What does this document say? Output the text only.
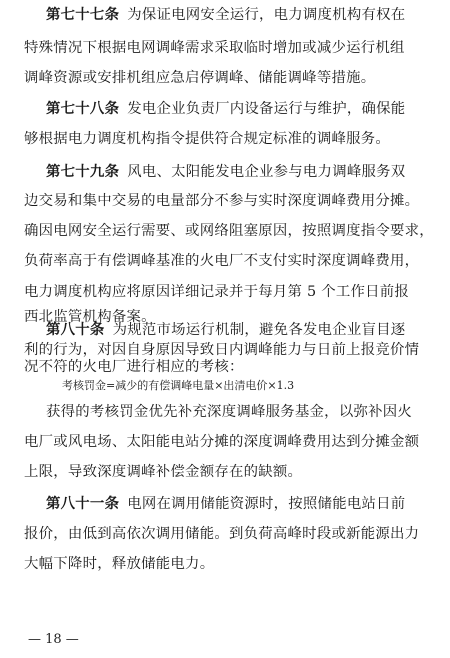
第七十七条 为保证电网安全运行，电力调度机构有权在
特殊情况下根据电网调峰需求采取临时增加或减少运行机组
调峰资源或安排机组应急启停调峰、储能调峰等措施。
第七十八条 发电企业负责厂内设备运行与维护，确保能
够根据电力调度机构指令提供符合规定标准的调峰服务。
第七十九条 风电、太阳能发电企业参与电力调峰服务双
边交易和集中交易的电量部分不参与实时深度调峰费用分摊。
确因电网安全运行需要、或网络阻塞原因，按照调度指令要求，
负荷率高于有偿调峰基准的火电厂不支付实时深度调峰费用，
电力调度机构应将原因详细记录并于每月第 5 个工作日前报
西北监管机构备案。
第八十条 为规范市场运行机制，避免各发电企业盲目逐
利的行为，对因自身原因导致日内调峰能力与日前上报竞价情
况不符的火电厂进行相应的考核：
考核罚金=减少的有偿调峰电量×出清电价×1.3
获得的考核罚金优先补充深度调峰服务基金，以弥补因火
电厂或风电场、太阳能电站分摊的深度调峰费用达到分摊金额
上限，导致深度调峰补偿金额存在的缺额。
第八十一条 电网在调用储能资源时，按照储能电站日前
报价，由低到高依次调用储能。到负荷高峰时段或新能源出力
大幅下降时，释放储能电力。
— 18 —
